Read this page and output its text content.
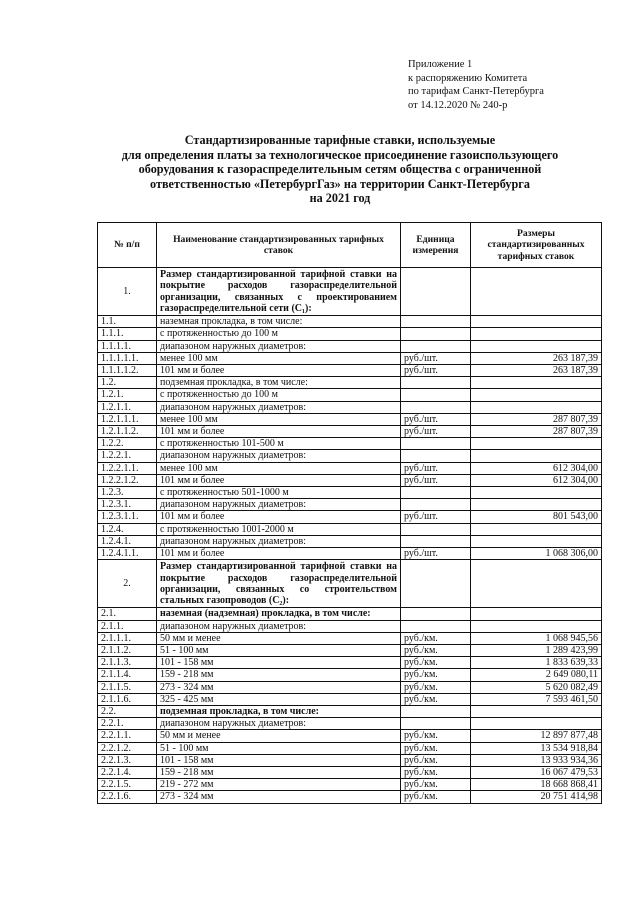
Приложение 1
к распоряжению Комитета
по тарифам Санкт-Петербурга
от 14.12.2020 № 240-р
Стандартизированные тарифные ставки, используемые
для определения платы за технологическое присоединение газоиспользующего
оборудования к газораспределительным сетям общества с ограниченной
ответственностью «ПетербургГаз» на территории Санкт-Петербурга
на 2021 год
№ п/п	Наименование стандартизированных тарифных ставок	Единица измерения	Размеры стандартизированных тарифных ставок
1.	Размер стандартизированной тарифной ставки на покрытие расходов газораспределительной организации, связанных с проектированием газораспределительной сети (С₁):		
1.1.	наземная прокладка, в том числе:		
1.1.1.	с протяженностью до 100 м		
1.1.1.1.	диапазоном наружных диаметров:		
1.1.1.1.1.	менее 100 мм	руб./шт.	263 187,39
1.1.1.1.2.	101 мм и более	руб./шт.	263 187,39
1.2.	подземная прокладка, в том числе:		
1.2.1.	с протяженностью до 100 м		
1.2.1.1.	диапазоном наружных диаметров:		
1.2.1.1.1.	менее 100 мм	руб./шт.	287 807,39
1.2.1.1.2.	101 мм и более	руб./шт.	287 807,39
1.2.2.	с протяженностью 101-500 м		
1.2.2.1.	диапазоном наружных диаметров:		
1.2.2.1.1.	менее 100 мм	руб./шт.	612 304,00
1.2.2.1.2.	101 мм и более	руб./шт.	612 304,00
1.2.3.	с протяженностью 501-1000 м		
1.2.3.1.	диапазоном наружных диаметров:		
1.2.3.1.1.	101 мм и более	руб./шт.	801 543,00
1.2.4.	с протяженностью 1001-2000 м		
1.2.4.1.	диапазоном наружных диаметров:		
1.2.4.1.1.	101 мм и более	руб./шт.	1 068 306,00
2.	Размер стандартизированной тарифной ставки на покрытие расходов газораспределительной организации, связанных со строительством стальных газопроводов (С₂):		
2.1.	наземная (надземная) прокладка, в том числе:		
2.1.1.	диапазоном наружных диаметров:		
2.1.1.1.	50 мм и менее	руб./км.	1 068 945,56
2.1.1.2.	51 - 100 мм	руб./км.	1 289 423,99
2.1.1.3.	101 - 158 мм	руб./км.	1 833 639,33
2.1.1.4.	159 - 218 мм	руб./км.	2 649 080,11
2.1.1.5.	273 - 324 мм	руб./км.	5 620 082,49
2.1.1.6.	325 - 425 мм	руб./км.	7 593 461,50
2.2.	подземная прокладка, в том числе:		
2.2.1.	диапазоном наружных диаметров:		
2.2.1.1.	50 мм и менее	руб./км.	12 897 877,48
2.2.1.2.	51 - 100 мм	руб./км.	13 534 918,84
2.2.1.3.	101 - 158 мм	руб./км.	13 933 934,36
2.2.1.4.	159 - 218 мм	руб./км.	16 067 479,53
2.2.1.5.	219 - 272 мм	руб./км.	18 668 868,41
2.2.1.6.	273 - 324 мм	руб./км.	20 751 414,98
